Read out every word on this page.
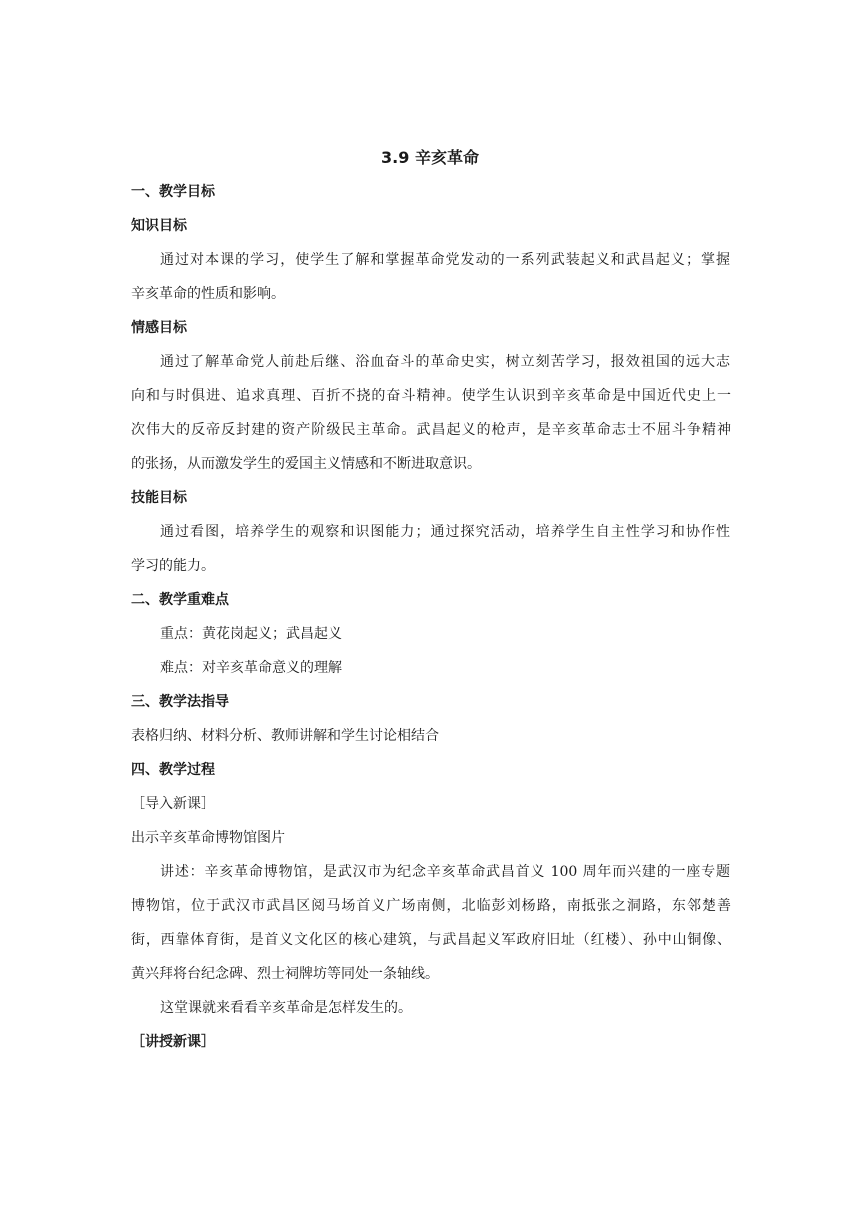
3.9 辛亥革命
一、教学目标
知识目标
通过对本课的学习，使学生了解和掌握革命党发动的一系列武装起义和武昌起义；掌握
辛亥革命的性质和影响。
情感目标
通过了解革命党人前赴后继、浴血奋斗的革命史实，树立刻苦学习，报效祖国的远大志
向和与时俱进、追求真理、百折不挠的奋斗精神。使学生认识到辛亥革命是中国近代史上一
次伟大的反帝反封建的资产阶级民主革命。武昌起义的枪声，是辛亥革命志士不屈斗争精神
的张扬，从而激发学生的爱国主义情感和不断进取意识。
技能目标
通过看图，培养学生的观察和识图能力；通过探究活动，培养学生自主性学习和协作性
学习的能力。
二、教学重难点
重点：黄花岗起义；武昌起义
难点：对辛亥革命意义的理解
三、教学法指导
表格归纳、材料分析、教师讲解和学生讨论相结合
四、教学过程
［导入新课］
出示辛亥革命博物馆图片
讲述：辛亥革命博物馆，是武汉市为纪念辛亥革命武昌首义 100 周年而兴建的一座专题
博物馆，位于武汉市武昌区阅马场首义广场南侧，北临彭刘杨路，南抵张之洞路，东邻楚善
街，西靠体育街，是首义文化区的核心建筑，与武昌起义军政府旧址（红楼）、孙中山铜像、
黄兴拜将台纪念碑、烈士祠牌坊等同处一条轴线。
这堂课就来看看辛亥革命是怎样发生的。
［讲授新课］
